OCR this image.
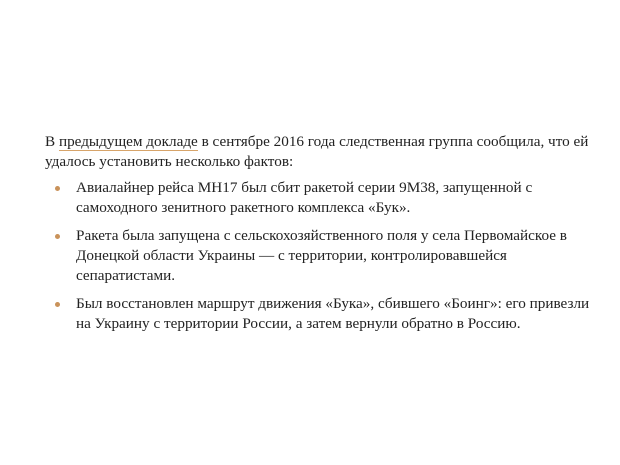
В предыдущем докладе в сентябре 2016 года следственная группа сообщила, что ей удалось установить несколько фактов:

Авиалайнер рейса MH17 был сбит ракетой серии 9М38, запущенной с самоходного зенитного ракетного комплекса «Бук».
Ракета была запущена с сельскохозяйственного поля у села Первомайское в Донецкой области Украины — с территории, контролировавшейся сепаратистами.
Был восстановлен маршрут движения «Бука», сбившего «Боинг»: его привезли на Украину с территории России, а затем вернули обратно в Россию.
